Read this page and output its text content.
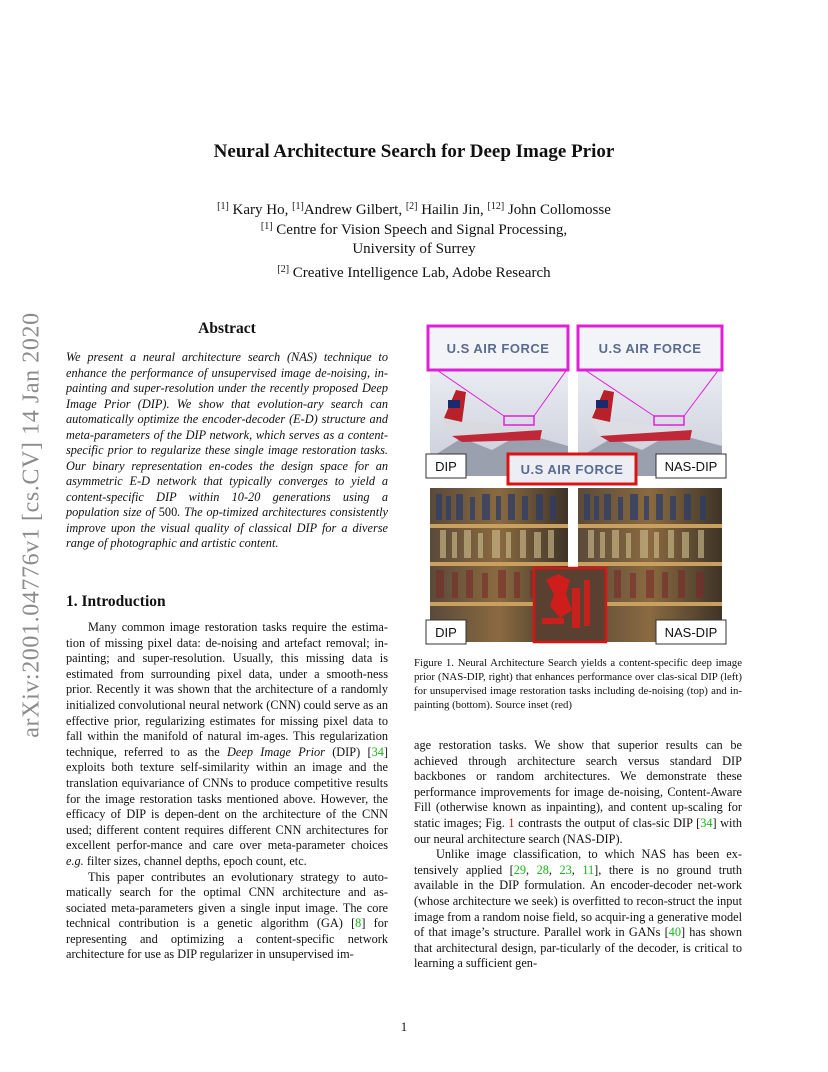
arXiv:2001.04776v1 [cs.CV] 14 Jan 2020
Neural Architecture Search for Deep Image Prior
[1] Kary Ho, [1]Andrew Gilbert, [2] Hailin Jin, [12] John Collomosse
[1] Centre for Vision Speech and Signal Processing,
University of Surrey
[2] Creative Intelligence Lab, Adobe Research
Abstract
We present a neural architecture search (NAS) technique to enhance the performance of unsupervised image de-noising, in-painting and super-resolution under the recently proposed Deep Image Prior (DIP). We show that evolution-ary search can automatically optimize the encoder-decoder (E-D) structure and meta-parameters of the DIP network, which serves as a content-specific prior to regularize these single image restoration tasks. Our binary representation en-codes the design space for an asymmetric E-D network that typically converges to yield a content-specific DIP within 10-20 generations using a population size of 500. The op-timized architectures consistently improve upon the visual quality of classical DIP for a diverse range of photographic and artistic content.
1. Introduction

Many common image restoration tasks require the estima-tion of missing pixel data: de-noising and artefact removal; in-painting; and super-resolution. Usually, this missing data is estimated from surrounding pixel data, under a smooth-ness prior. Recently it was shown that the architecture of a randomly initialized convolutional neural network (CNN) could serve as an effective prior, regularizing estimates for missing pixel data to fall within the manifold of natural im-ages. This regularization technique, referred to as the Deep Image Prior (DIP) [34] exploits both texture self-similarity within an image and the translation equivariance of CNNs to produce competitive results for the image restoration tasks mentioned above. However, the efficacy of DIP is depen-dent on the architecture of the CNN used; different content requires different CNN architectures for excellent perfor-mance and care over meta-parameter choices e.g. filter sizes, channel depths, epoch count, etc.

This paper contributes an evolutionary strategy to auto-matically search for the optimal CNN architecture and as-sociated meta-parameters given a single input image. The core technical contribution is a genetic algorithm (GA) [8] for representing and optimizing a content-specific network architecture for use as DIP regularizer in unsupervised im-

age restoration tasks. We show that superior results can be achieved through architecture search versus standard DIP backbones or random architectures. We demonstrate these performance improvements for image de-noising, Content-Aware Fill (otherwise known as inpainting), and content up-scaling for static images; Fig. 1 contrasts the output of clas-sic DIP [34] with our neural architecture search (NAS-DIP).

Unlike image classification, to which NAS has been ex-tensively applied [29, 28, 23, 11], there is no ground truth available in the DIP formulation. An encoder-decoder net-work (whose architecture we seek) is overfitted to recon-struct the input image from a random noise field, so acquir-ing a generative model of that image’s structure. Parallel work in GANs [40] has shown that architectural design, par-ticularly of the decoder, is critical to learning a sufficient gen-

U.S AIR FORCE	U.S AIR FORCE
U.S AIR FORCE
DIP	NAS-DIP
DIP	NAS-DIP
Figure 1. Neural Architecture Search yields a content-specific deep image prior (NAS-DIP, right) that enhances performance over clas-sical DIP (left) for unsupervised image restoration tasks including de-noising (top) and in-painting (bottom). Source inset (red)
1
